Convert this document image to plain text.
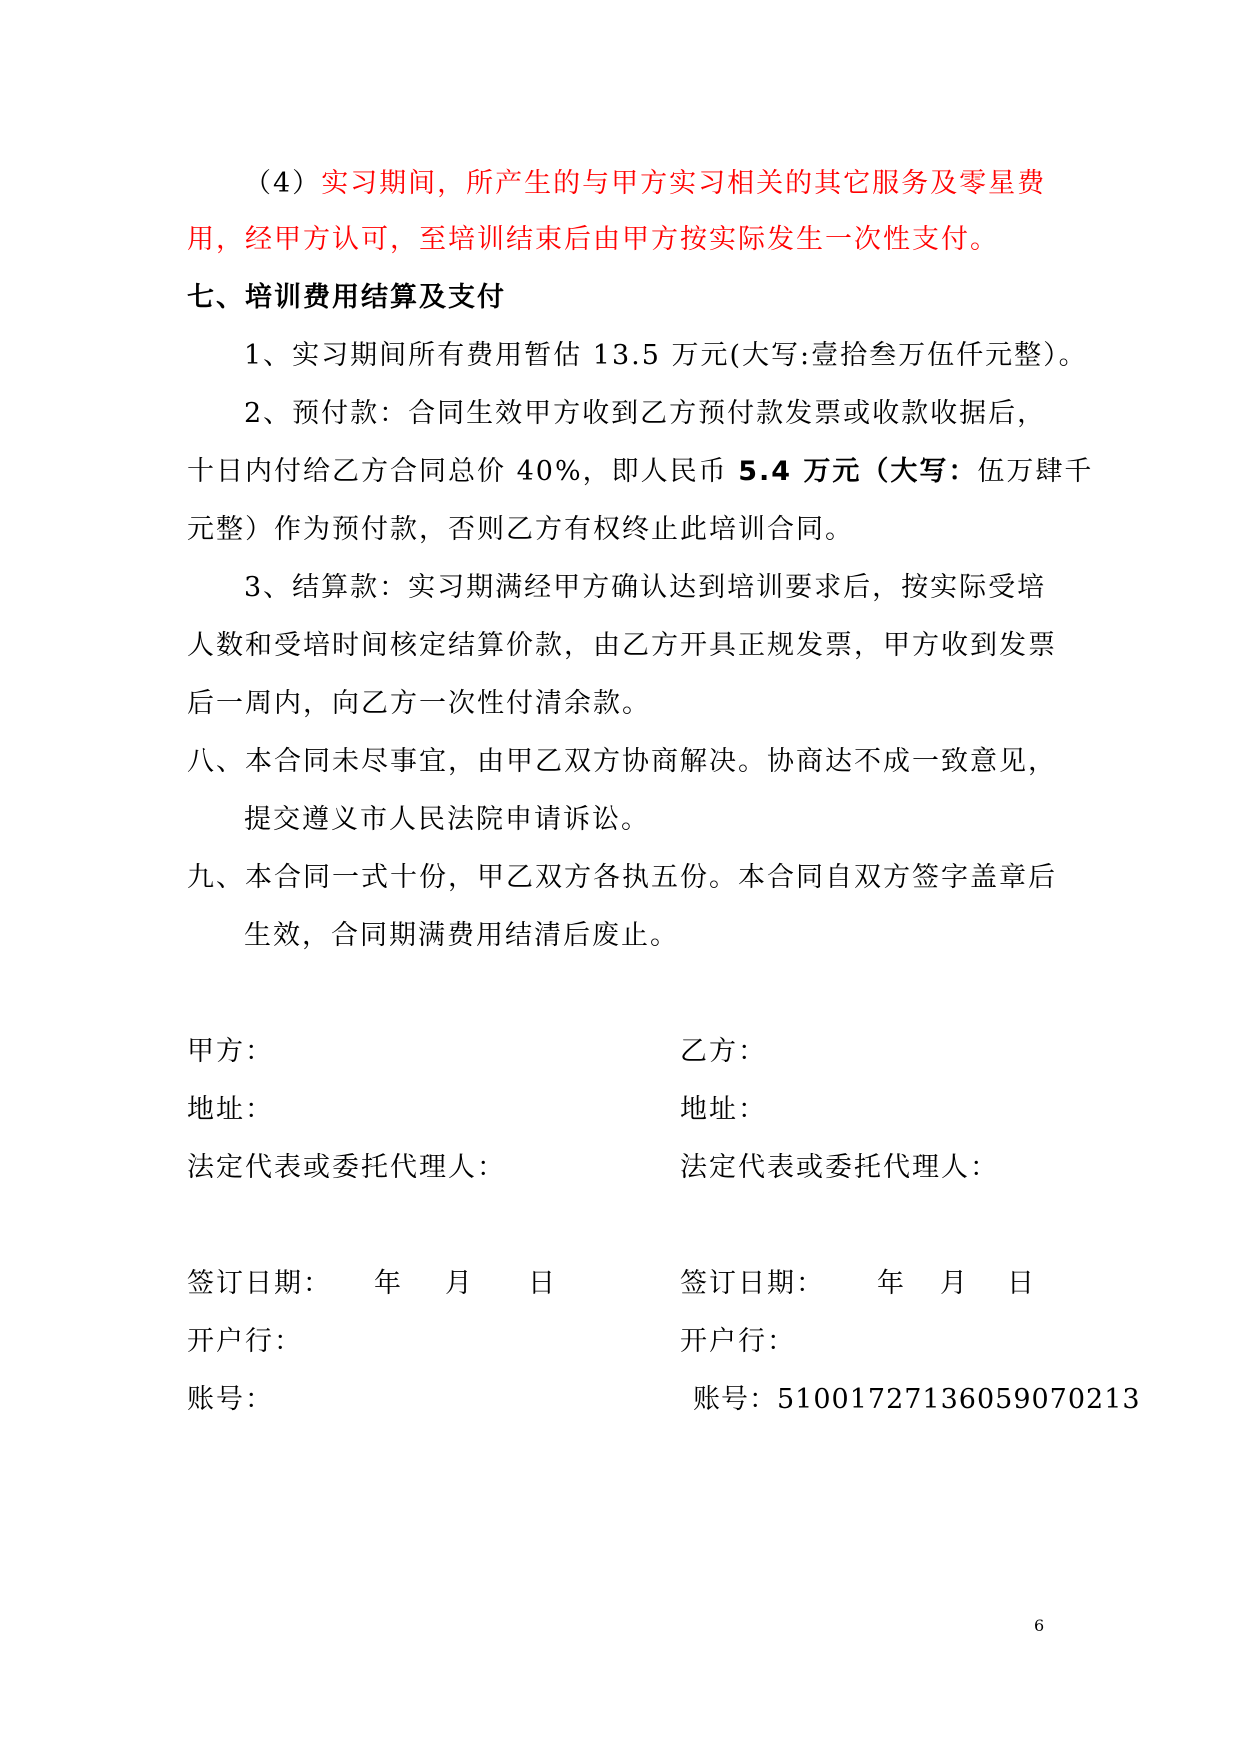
（4）实习期间，所产生的与甲方实习相关的其它服务及零星费
用，经甲方认可，至培训结束后由甲方按实际发生一次性支付。
七、培训费用结算及支付
1、实习期间所有费用暂估 13.5 万元(大写:壹拾叁万伍仟元整）。
2、预付款：合同生效甲方收到乙方预付款发票或收款收据后，
十日内付给乙方合同总价 40%，即人民币 5.4 万元（大写：伍万肆千
元整）作为预付款，否则乙方有权终止此培训合同。
3、结算款：实习期满经甲方确认达到培训要求后，按实际受培
人数和受培时间核定结算价款，由乙方开具正规发票，甲方收到发票
后一周内，向乙方一次性付清余款。
八、本合同未尽事宜，由甲乙双方协商解决。协商达不成一致意见，
提交遵义市人民法院申请诉讼。
九、本合同一式十份，甲乙双方各执五份。本合同自双方签字盖章后
生效，合同期满费用结清后废止。
甲方：
地址：
法定代表或委托代理人：
签订日期： 年 月 日
开户行：
账号：
乙方：
地址：
法定代表或委托代理人：
签订日期： 年 月 日
开户行：
账号：51001727136059070213
6
